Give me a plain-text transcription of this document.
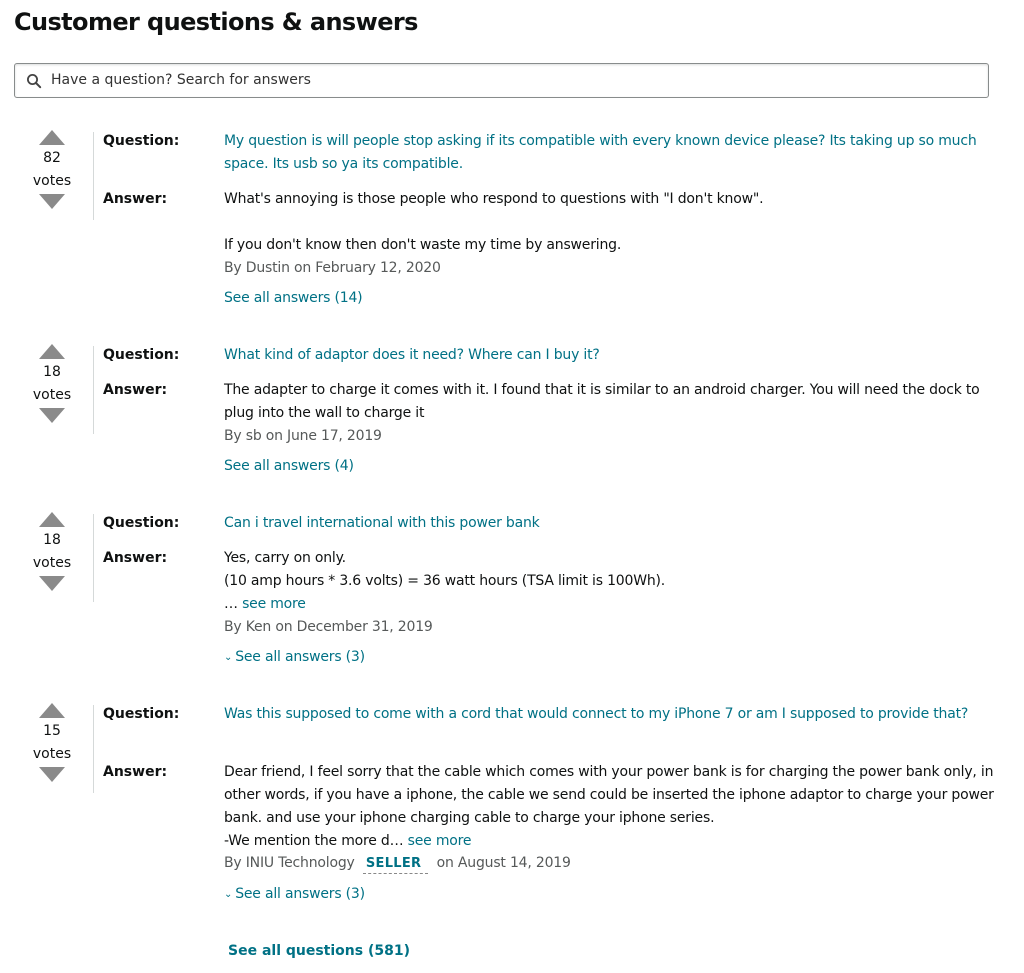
Customer questions & answers
Have a question? Search for answers
82
votes
Question:	My question is will people stop asking if its compatible with every known device please? Its taking up so much space. Its usb so ya its compatible.
Answer:	What's annoying is those people who respond to questions with "I don't know".

If you don't know then don't waste my time by answering.

By Dustin on February 12, 2020
See all answers (14)
18
votes
Question:	What kind of adaptor does it need? Where can I buy it?
Answer:	The adapter to charge it comes with it. I found that it is similar to an android charger. You will need the dock to plug into the wall to charge it
By sb on June 17, 2019
See all answers (4)
18
votes
Question:	Can i travel international with this power bank
Answer:	Yes, carry on only.

(10 amp hours * 3.6 volts) = 36 watt hours (TSA limit is 100Wh).

… see more

By Ken on December 31, 2019
⌄ See all answers (3)
15
votes
Question:	Was this supposed to come with a cord that would connect to my iPhone 7 or am I supposed to provide that?
Answer:	Dear friend, I feel sorry that the cable which comes with your power bank is for charging the power bank only, in other words, if you have a iphone, the cable we send could be inserted the iphone adaptor to charge your power bank. and use your iphone charging cable to charge your iphone series.

-We mention the more d… see more

By INIU Technology SELLER on August 14, 2019
⌄ See all answers (3)
See all questions (581)
